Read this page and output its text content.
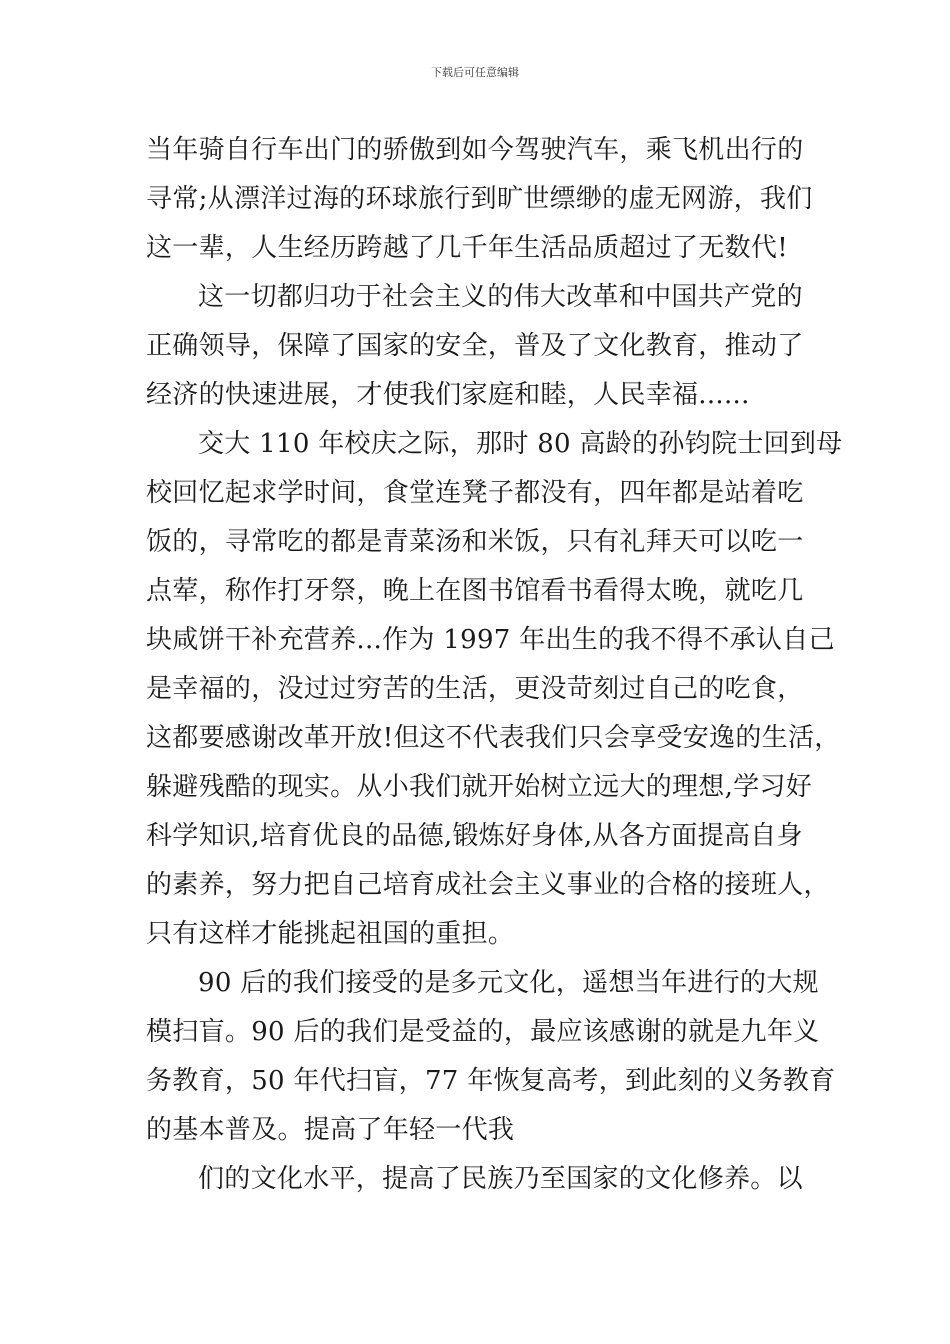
下载后可任意编辑
当年骑自行车出门的骄傲到如今驾驶汽车，乘飞机出行的
寻常;从漂洋过海的环球旅行到旷世缥缈的虚无网游，我们
这一辈，人生经历跨越了几千年生活品质超过了无数代!
这一切都归功于社会主义的伟大改革和中国共产党的
正确领导，保障了国家的安全，普及了文化教育，推动了
经济的快速进展，才使我们家庭和睦，人民幸福......
交大 110 年校庆之际，那时 80 高龄的孙钧院士回到母
校回忆起求学时间，食堂连凳子都没有，四年都是站着吃
饭的，寻常吃的都是青菜汤和米饭，只有礼拜天可以吃一
点荤，称作打牙祭，晚上在图书馆看书看得太晚，就吃几
块咸饼干补充营养...作为 1997 年出生的我不得不承认自己
是幸福的，没过过穷苦的生活，更没苛刻过自己的吃食，
这都要感谢改革开放!但这不代表我们只会享受安逸的生活，
躲避残酷的现实。从小我们就开始树立远大的理想,学习好
科学知识,培育优良的品德,锻炼好身体,从各方面提高自身
的素养，努力把自己培育成社会主义事业的合格的接班人，
只有这样才能挑起祖国的重担。
90 后的我们接受的是多元文化，遥想当年进行的大规
模扫盲。90 后的我们是受益的，最应该感谢的就是九年义
务教育，50 年代扫盲，77 年恢复高考，到此刻的义务教育
的基本普及。提高了年轻一代我
们的文化水平，提高了民族乃至国家的文化修养。以
